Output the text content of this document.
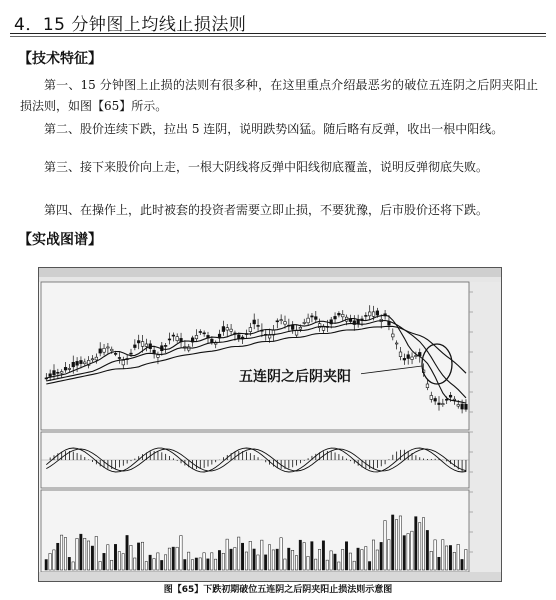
4．15 分钟图上均线止损法则
【技术特征】
第一、15 分钟图上止损的法则有很多种，在这里重点介绍最恶劣的破位五连阴之后阴夹阳止损法则，如图【65】所示。
第二、股价连续下跌，拉出 5 连阴，说明跌势凶猛。随后略有反弹，收出一根中阳线。
第三、接下来股价向上走，一根大阴线将反弹中阳线彻底覆盖，说明反弹彻底失败。
第四、在操作上，此时被套的投资者需要立即止损，不要犹豫，后市股价还将下跌。
【实战图谱】
五连阴之后阴夹阳
图【65】下跌初期破位五连阴之后阴夹阳止损法则示意图
